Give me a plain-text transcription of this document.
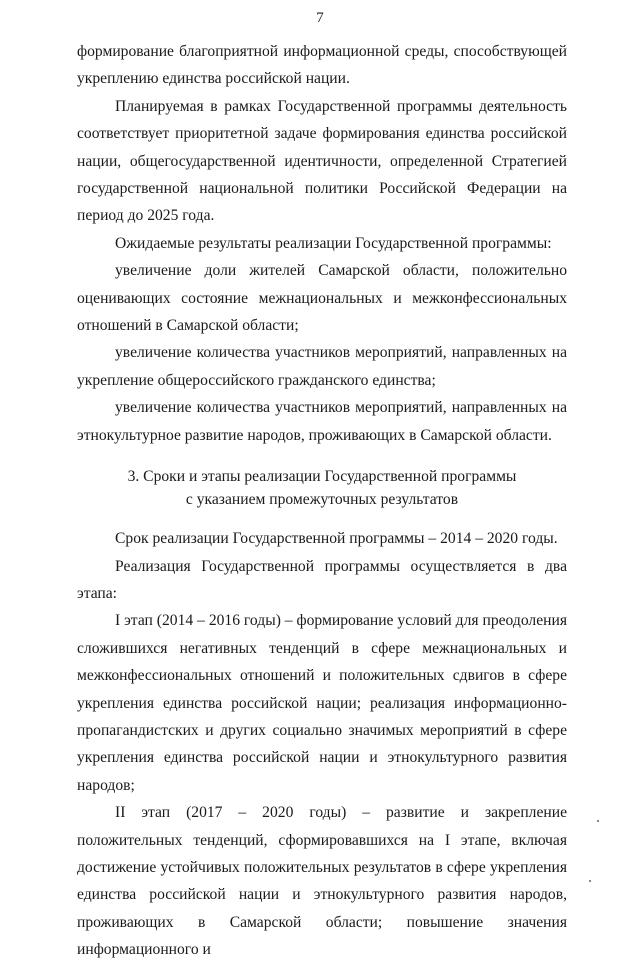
7

формирование благоприятной информационной среды, способствующей укреплению единства российской нации.

Планируемая в рамках Государственной программы деятельность соответствует приоритетной задаче формирования единства российской нации, общегосударственной идентичности, определенной Стратегией государственной национальной политики Российской Федерации на период до 2025 года.

Ожидаемые результаты реализации Государственной программы:

увеличение доли жителей Самарской области, положительно оценивающих состояние межнациональных и межконфессиональных отношений в Самарской области;

увеличение количества участников мероприятий, направленных на укрепление общероссийского гражданского единства;

увеличение количества участников мероприятий, направленных на этнокультурное развитие народов, проживающих в Самарской области.

3. Сроки и этапы реализации Государственной программы
с указанием промежуточных результатов

Срок реализации Государственной программы – 2014 – 2020 годы.

Реализация Государственной программы осуществляется в два этапа:

I этап (2014 – 2016 годы) – формирование условий для преодоления сложившихся негативных тенденций в сфере межнациональных и межконфессиональных отношений и положительных сдвигов в сфере укрепления единства российской нации; реализация информационно-пропагандистских и других социально значимых мероприятий в сфере укрепления единства российской нации и этнокультурного развития народов;

II этап (2017 – 2020 годы) – развитие и закрепление положительных тенденций, сформировавшихся на I этапе, включая достижение устойчивых положительных результатов в сфере укрепления единства российской нации и этнокультурного развития народов, проживающих в Самарской области; повышение значения информационного и
